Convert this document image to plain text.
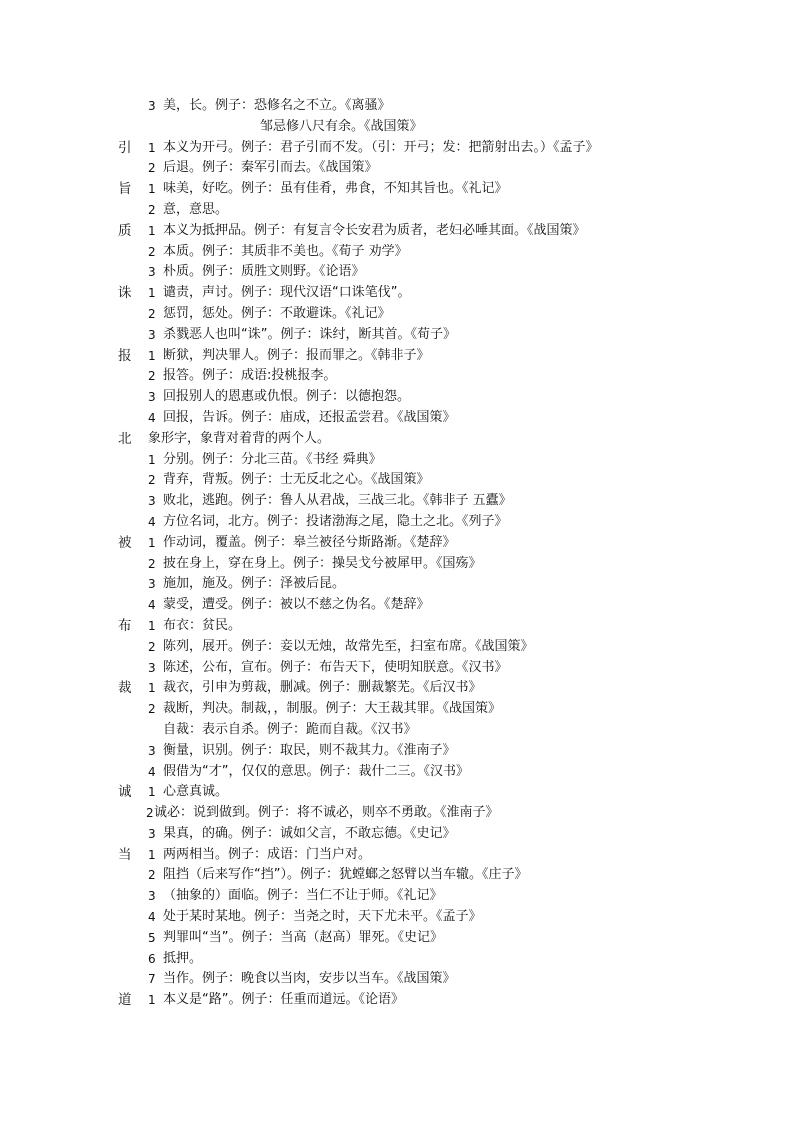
3 美，长。例子：恐修名之不立。《离骚》
邹忌修八尺有余。《战国策》
引	1 本义为开弓。例子：君子引而不发。（引：开弓；发：把箭射出去。）《孟子》
2 后退。例子：秦军引而去。《战国策》
旨	1 味美，好吃。例子：虽有佳肴，弗食，不知其旨也。《礼记》
2 意，意思。
质	1 本义为抵押品。例子：有复言令长安君为质者，老妇必唾其面。《战国策》
2 本质。例子：其质非不美也。《荀子 劝学》
3 朴质。例子：质胜文则野。《论语》
诛	1 谴责，声讨。例子：现代汉语“口诛笔伐”。
2 惩罚，惩处。例子：不敢避诛。《礼记》
3 杀戮恶人也叫“诛”。例子：诛纣，断其首。《荀子》
报	1 断狱，判决罪人。例子：报而罪之。《韩非子》
2 报答。例子：成语:投桃报李。
3 回报别人的恩惠或仇恨。例子：以德抱怨。
4 回报，告诉。例子：庙成，还报孟尝君。《战国策》
北	象形字，象背对着背的两个人。
1 分别。例子：分北三苗。《书经 舜典》
2 背弃，背叛。例子：士无反北之心。《战国策》
3 败北，逃跑。例子：鲁人从君战，三战三北。《韩非子 五蠹》
4 方位名词，北方。例子：投诸渤海之尾，隐土之北。《列子》
被	1 作动词，覆盖。例子：皋兰被径兮斯路渐。《楚辞》
2 披在身上，穿在身上。例子：操吴戈兮被犀甲。《国殇》
3 施加，施及。例子：泽被后昆。
4 蒙受，遭受。例子：被以不慈之伪名。《楚辞》
布	1 布衣：贫民。
2 陈列，展开。例子：妾以无烛，故常先至，扫室布席。《战国策》
3 陈述，公布，宣布。例子：布告天下，使明知朕意。《汉书》
裁	1 裁衣，引申为剪裁，删减。例子：删裁繁芜。《后汉书》
2 裁断，判决。制裁，，制服。例子：大王裁其罪。《战国策》
自裁：表示自杀。例子：跪而自裁。《汉书》
3 衡量，识别。例子：取民，则不裁其力。《淮南子》
4 假借为“才”，仅仅的意思。例子：裁什二三。《汉书》
诚	1 心意真诚。
2 诚必：说到做到。例子：将不诚必，则卒不勇敢。《淮南子》
3 果真，的确。例子：诚如父言，不敢忘德。《史记》
当	1 两两相当。例子：成语：门当户对。
2 阻挡（后来写作“挡”）。例子：犹螳螂之怒臂以当车辙。《庄子》
3 （抽象的）面临。例子：当仁不让于师。《礼记》
4 处于某时某地。例子：当尧之时，天下尤未平。《孟子》
5 判罪叫“当”。例子：当高（赵高）罪死。《史记》
6 抵押。
7 当作。例子：晚食以当肉，安步以当车。《战国策》
道	1 本义是“路”。例子：任重而道远。《论语》
